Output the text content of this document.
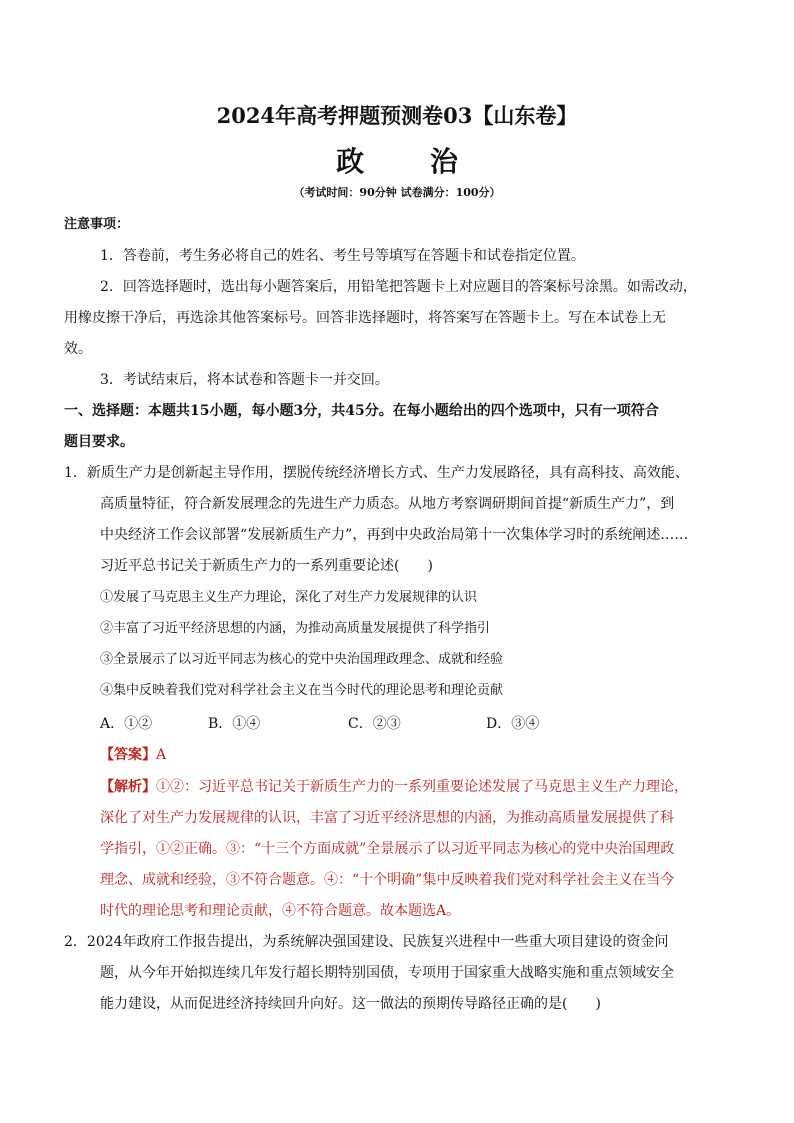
2024年高考押题预测卷03【山东卷】
政 治
（考试时间：90分钟 试卷满分：100分）
注意事项：
1．答卷前，考生务必将自己的姓名、考生号等填写在答题卡和试卷指定位置。
2．回答选择题时，选出每小题答案后，用铅笔把答题卡上对应题目的答案标号涂黑。如需改动，
用橡皮擦干净后，再选涂其他答案标号。回答非选择题时，将答案写在答题卡上。写在本试卷上无
效。
3．考试结束后，将本试卷和答题卡一并交回。
一、选择题：本题共15小题，每小题3分，共45分。在每小题给出的四个选项中，只有一项符合
题目要求。
1．新质生产力是创新起主导作用，摆脱传统经济增长方式、生产力发展路径，具有高科技、高效能、
高质量特征，符合新发展理念的先进生产力质态。从地方考察调研期间首提“新质生产力”，到
中央经济工作会议部署“发展新质生产力”，再到中央政治局第十一次集体学习时的系统阐述……
习近平总书记关于新质生产力的一系列重要论述(　　)
①发展了马克思主义生产力理论，深化了对生产力发展规律的认识
②丰富了习近平经济思想的内涵，为推动高质量发展提供了科学指引
③全景展示了以习近平同志为核心的党中央治国理政理念、成就和经验
④集中反映着我们党对科学社会主义在当今时代的理论思考和理论贡献
A．①②	B．①④	C．②③	D．③④
【答案】A
【解析】①②：习近平总书记关于新质生产力的一系列重要论述发展了马克思主义生产力理论，
深化了对生产力发展规律的认识，丰富了习近平经济思想的内涵，为推动高质量发展提供了科
学指引，①②正确。③：“十三个方面成就”全景展示了以习近平同志为核心的党中央治国理政
理念、成就和经验，③不符合题意。④：“十个明确”集中反映着我们党对科学社会主义在当今
时代的理论思考和理论贡献，④不符合题意。故本题选A。
2．2024年政府工作报告提出，为系统解决强国建设、民族复兴进程中一些重大项目建设的资金问
题，从今年开始拟连续几年发行超长期特别国债，专项用于国家重大战略实施和重点领域安全
能力建设，从而促进经济持续回升向好。这一做法的预期传导路径正确的是(　　)
